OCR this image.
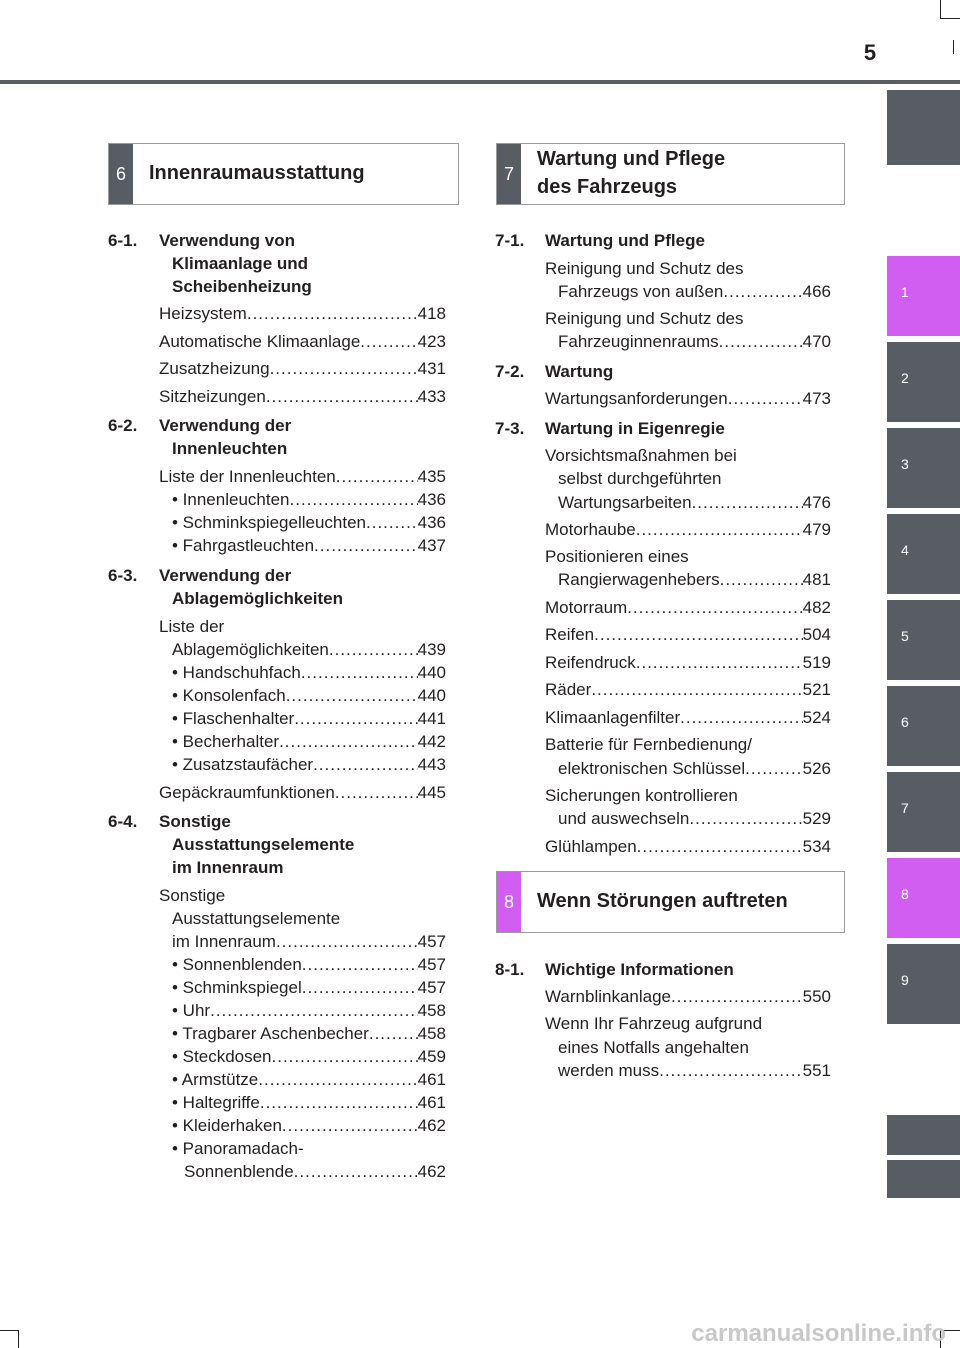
5
1
2
3
4
5
6
7
8
9
6	Innenraumausstattung	7
Wartung und Pflege
des Fahrzeugs
8	Wenn Störungen auftreten
6-1. Verwendung von
Klimaanlage und
Scheibenheizung
Heizsystem .....	418
Automatische Klimaanlage .....	423
Zusatzheizung .....	431
Sitzheizungen .....	433
6-2. Verwendung der
Innenleuchten
Liste der Innenleuchten .....	435
• Innenleuchten .....	436
• Schminkspiegelleuchten .....	436
• Fahrgastleuchten .....	437
6-3. Verwendung der
Ablagemöglichkeiten
Liste der
Ablagemöglichkeiten .....	439
• Handschuhfach .....	440
• Konsolenfach .....	440
• Flaschenhalter .....	441
• Becherhalter .....	442
• Zusatzstaufächer .....	443
Gepäckraumfunktionen .....	445
6-4. Sonstige
Ausstattungselemente
im Innenraum
Sonstige
Ausstattungselemente
im Innenraum .....	457
• Sonnenblenden .....	457
• Schminkspiegel .....	457
• Uhr .....	458
• Tragbarer Aschenbecher .....	458
• Steckdosen .....	459
• Armstütze .....	461
• Haltegriffe .....	461
• Kleiderhaken .....	462
• Panoramadach-
Sonnenblende .....	462
7-1. Wartung und Pflege
Reinigung und Schutz des
Fahrzeugs von außen .....	466
Reinigung und Schutz des
Fahrzeuginnenraums .....	470
7-2. Wartung
Wartungsanforderungen .....	473
7-3. Wartung in Eigenregie
Vorsichtsmaßnahmen bei
selbst durchgeführten
Wartungsarbeiten .....	476
Motorhaube .....	479
Positionieren eines
Rangierwagenhebers .....	481
Motorraum .....	482
Reifen .....	504
Reifendruck .....	519
Räder .....	521
Klimaanlagenfilter .....	524
Batterie für Fernbedienung/
elektronischen Schlüssel .....	526
Sicherungen kontrollieren
und auswechseln .....	529
Glühlampen .....	534
8-1. Wichtige Informationen
Warnblinkanlage .....	550
Wenn Ihr Fahrzeug aufgrund
eines Notfalls angehalten
werden muss .....	551
carmanualsonline.info
